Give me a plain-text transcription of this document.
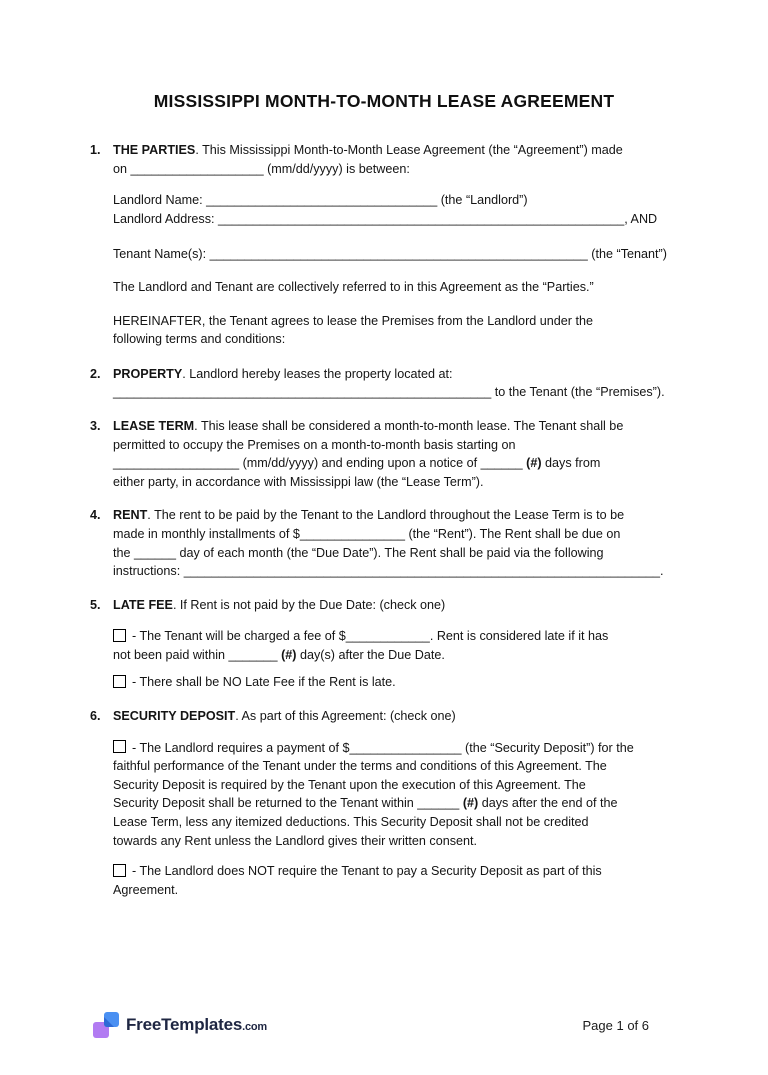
MISSISSIPPI MONTH-TO-MONTH LEASE AGREEMENT
1. THE PARTIES. This Mississippi Month-to-Month Lease Agreement (the “Agreement”) made
on ___________________ (mm/dd/yyyy) is between:
Landlord Name: _________________________________ (the “Landlord”)
Landlord Address: __________________________________________________________, AND
Tenant Name(s): ______________________________________________________ (the “Tenant”)
The Landlord and Tenant are collectively referred to in this Agreement as the “Parties.”
HEREINAFTER, the Tenant agrees to lease the Premises from the Landlord under the
following terms and conditions:
2. PROPERTY. Landlord hereby leases the property located at:
______________________________________________________ to the Tenant (the “Premises”).
3. LEASE TERM. This lease shall be considered a month-to-month lease. The Tenant shall be
permitted to occupy the Premises on a month-to-month basis starting on
__________________ (mm/dd/yyyy) and ending upon a notice of ______ (#) days from
either party, in accordance with Mississippi law (the “Lease Term”).
4. RENT. The rent to be paid by the Tenant to the Landlord throughout the Lease Term is to be
made in monthly installments of $_______________ (the “Rent”). The Rent shall be due on
the ______ day of each month (the “Due Date”). The Rent shall be paid via the following
instructions: ____________________________________________________________________.
5. LATE FEE. If Rent is not paid by the Due Date: (check one)
- The Tenant will be charged a fee of $____________. Rent is considered late if it has
not been paid within _______ (#) day(s) after the Due Date.
- There shall be NO Late Fee if the Rent is late.
6. SECURITY DEPOSIT. As part of this Agreement: (check one)
- The Landlord requires a payment of $________________ (the “Security Deposit”) for the
faithful performance of the Tenant under the terms and conditions of this Agreement. The
Security Deposit is required by the Tenant upon the execution of this Agreement. The
Security Deposit shall be returned to the Tenant within ______ (#) days after the end of the
Lease Term, less any itemized deductions. This Security Deposit shall not be credited
towards any Rent unless the Landlord gives their written consent.
- The Landlord does NOT require the Tenant to pay a Security Deposit as part of this
Agreement.
FreeTemplates.com	Page 1 of 6
